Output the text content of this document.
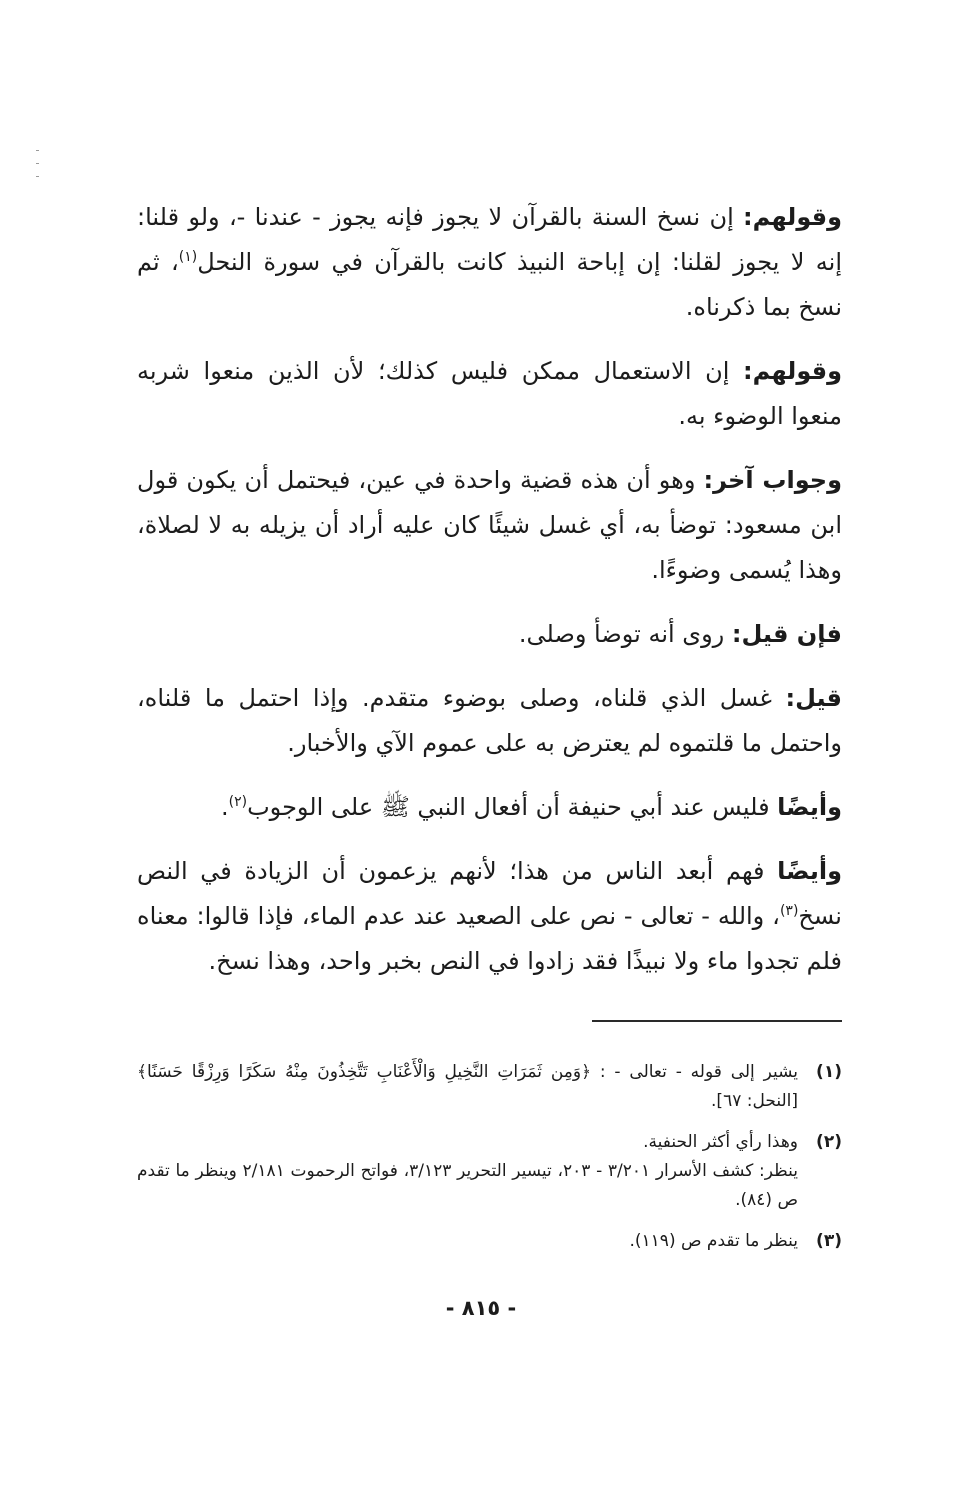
وقولهم: إن نسخ السنة بالقرآن لا يجوز فإنه يجوز - عندنا -، ولو قلنا: إنه لا يجوز لقلنا: إن إباحة النبيذ كانت بالقرآن في سورة النحل$^{(١)}$، ثم نسخ بما ذكرناه.

وقولهم: إن الاستعمال ممكن فليس كذلك؛ لأن الذين منعوا شربه منعوا الوضوء به.

وجواب آخر: وهو أن هذه قضية واحدة في عين، فيحتمل أن يكون قول ابن مسعود: توضأ به، أي غسل شيئًا كان عليه أراد أن يزيله به لا لصلاة، وهذا يُسمى وضوءًا.

فإن قيل: روى أنه توضأ وصلى.

قيل: غسل الذي قلناه، وصلى بوضوء متقدم. وإذا احتمل ما قلناه، واحتمل ما قلتموه لم يعترض به على عموم الآي والأخبار.

وأيضًا فليس عند أبي حنيفة أن أفعال النبي ﷺ على الوجوب$^{(٢)}$.

وأيضًا فهم أبعد الناس من هذا؛ لأنهم يزعمون أن الزيادة في النص نسخ$^{(٣)}$، والله - تعالى - نص على الصعيد عند عدم الماء، فإذا قالوا: معناه فلم تجدوا ماء ولا نبيذًا فقد زادوا في النص بخبر واحد، وهذا نسخ.

(١)
يشير إلى قوله - تعالى - : ﴿وَمِن ثَمَرَاتِ النَّخِيلِ وَالْأَعْنَابِ تَتَّخِذُونَ مِنْهُ سَكَرًا وَرِزْقًا حَسَنًا﴾ [النحل: ٦٧].
(٢)
وهذا رأي أكثر الحنفية.
ينظر: كشف الأسرار ٣/٢٠١ - ٢٠٣، تيسير التحرير ٣/١٢٣، فواتح الرحموت ٢/١٨١ وينظر ما تقدم ص (٨٤).
(٣)
ينظر ما تقدم ص (١١٩).
- ٨١٥ -
